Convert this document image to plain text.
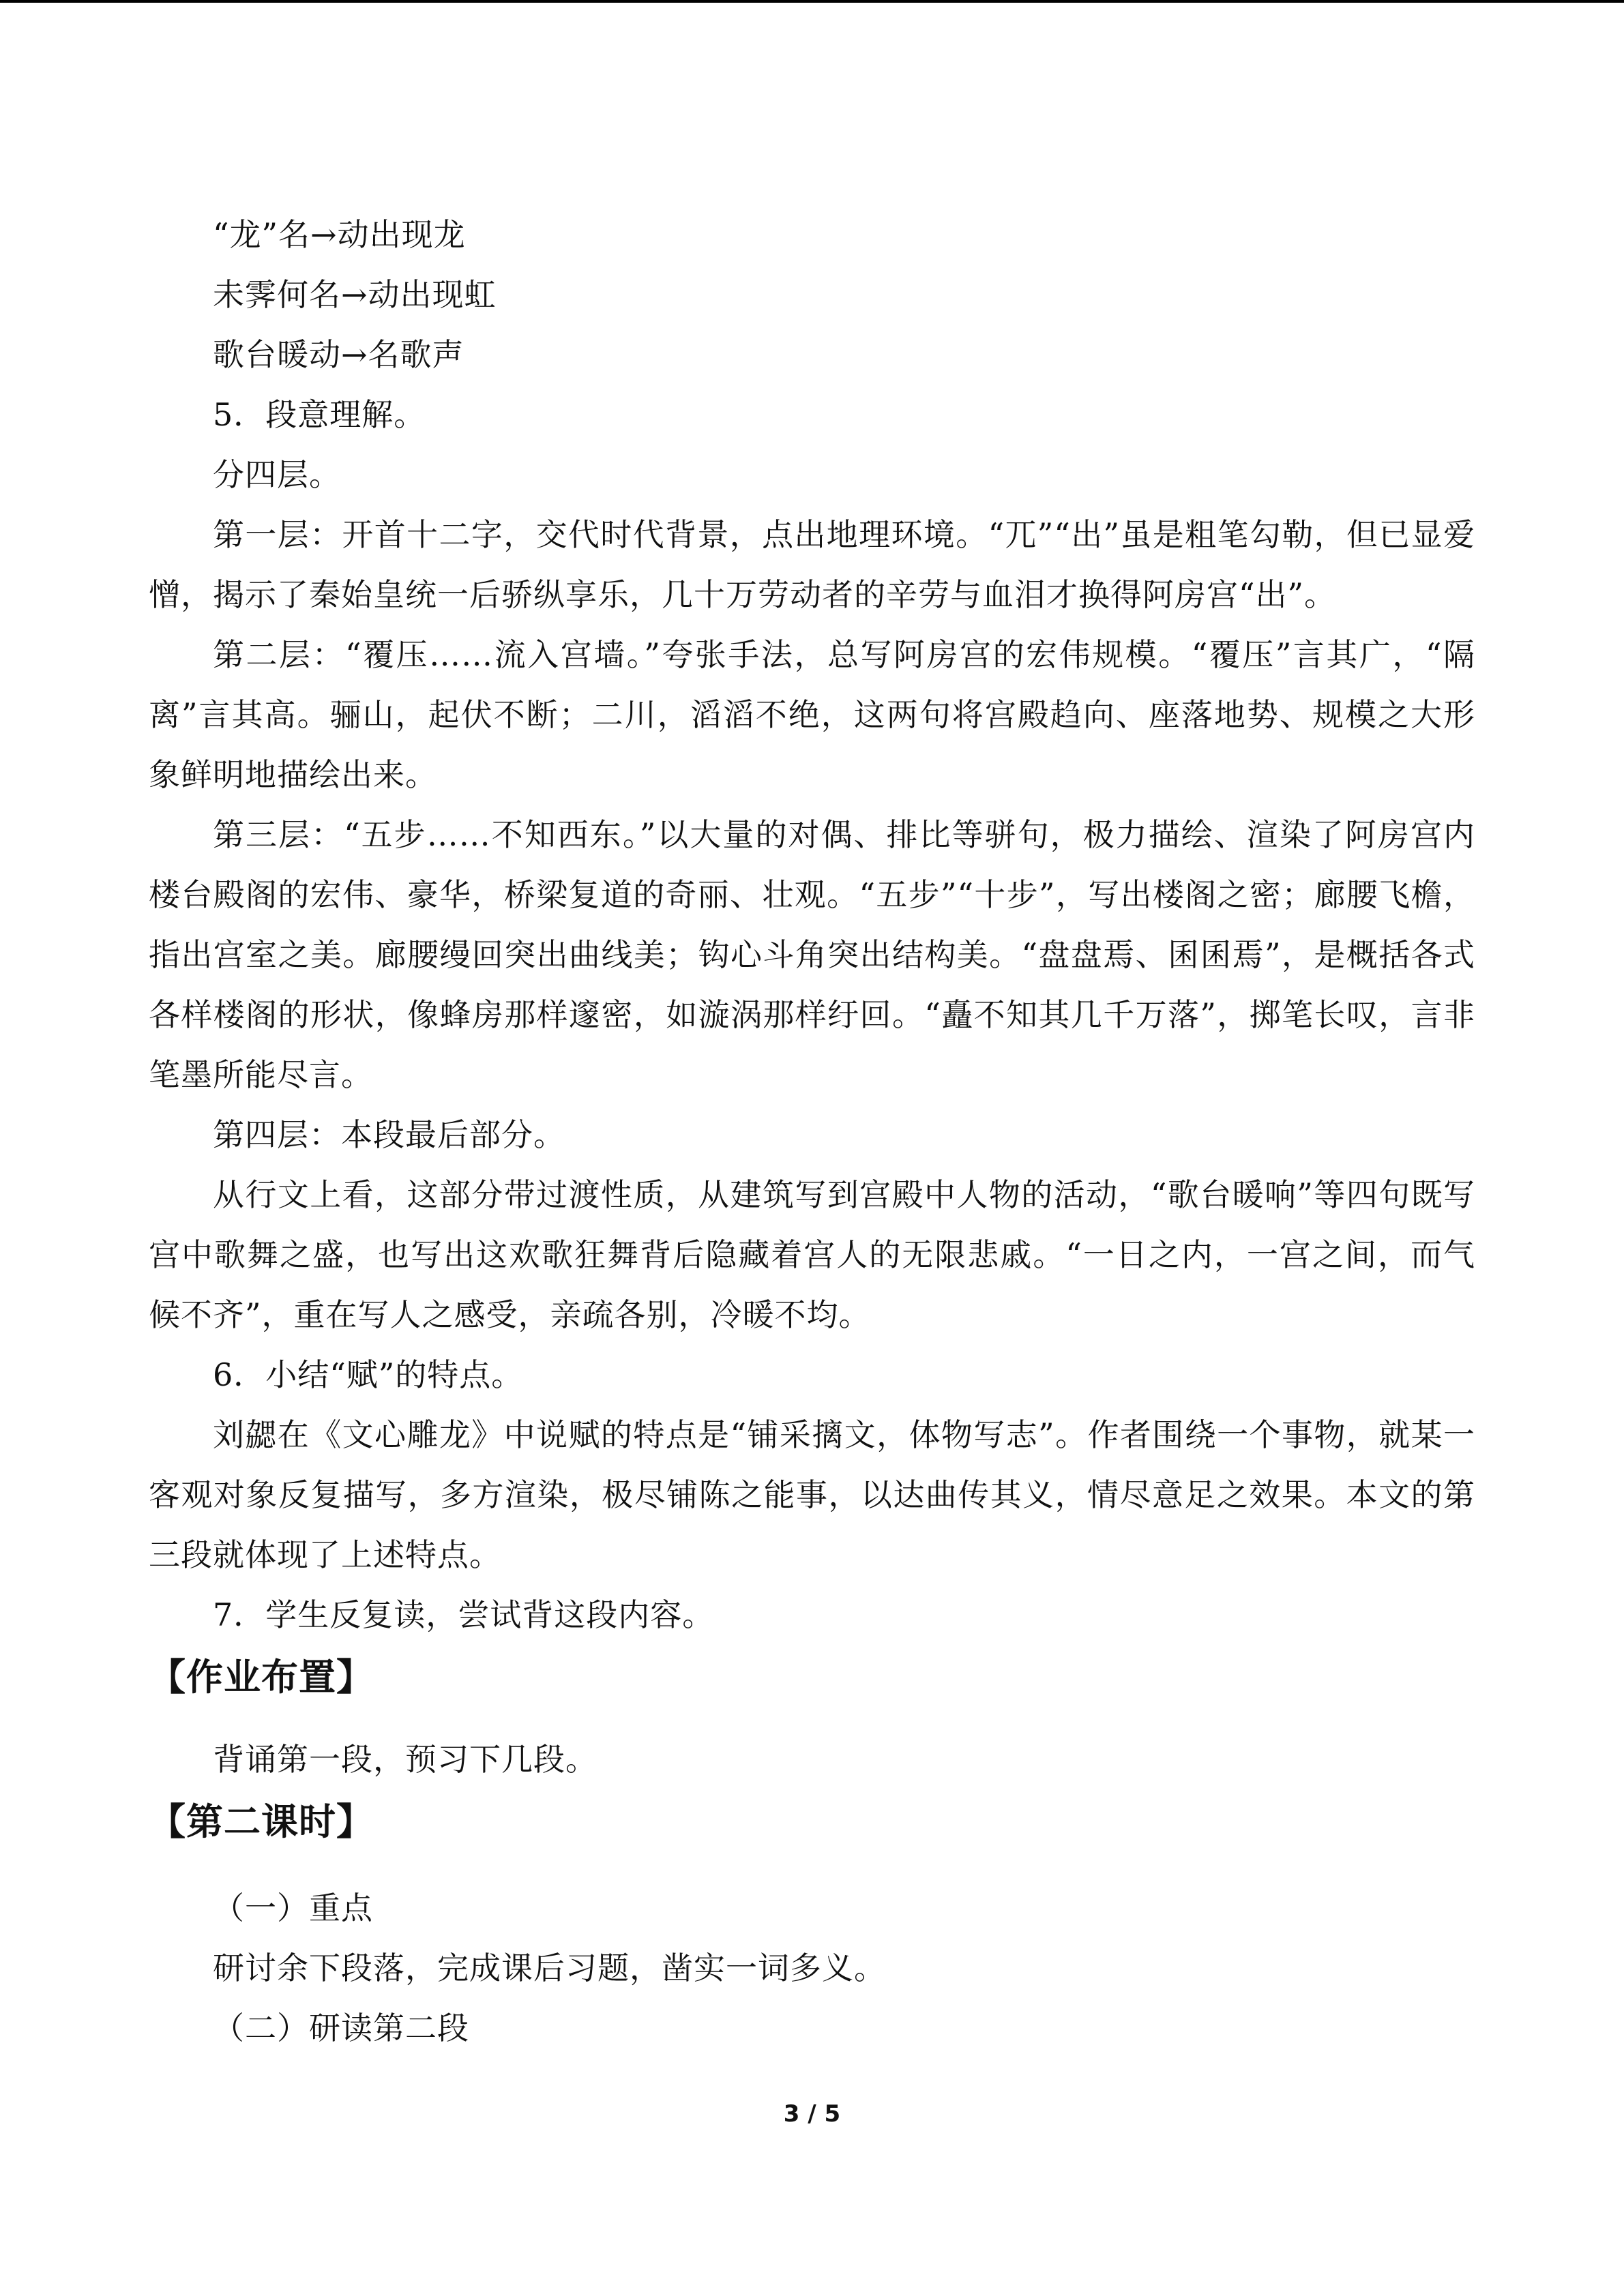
“龙”名→动出现龙

未霁何名→动出现虹

歌台暖动→名歌声

5．段意理解。

分四层。

第一层：开首十二字，交代时代背景，点出地理环境。“兀”“出”虽是粗笔勾勒，但已显爱憎，揭示了秦始皇统一后骄纵享乐，几十万劳动者的辛劳与血泪才换得阿房宫“出”。

第二层：“覆压……流入宫墙。”夸张手法，总写阿房宫的宏伟规模。“覆压”言其广，“隔离”言其高。骊山，起伏不断；二川，滔滔不绝，这两句将宫殿趋向、座落地势、规模之大形象鲜明地描绘出来。

第三层：“五步……不知西东。”以大量的对偶、排比等骈句，极力描绘、渲染了阿房宫内楼台殿阁的宏伟、豪华，桥梁复道的奇丽、壮观。“五步”“十步”，写出楼阁之密；廊腰飞檐，指出宫室之美。廊腰缦回突出曲线美；钩心斗角突出结构美。“盘盘焉、囷囷焉”，是概括各式各样楼阁的形状，像蜂房那样邃密，如漩涡那样纡回。“矗不知其几千万落”，掷笔长叹，言非笔墨所能尽言。

第四层：本段最后部分。

从行文上看，这部分带过渡性质，从建筑写到宫殿中人物的活动，“歌台暖响”等四句既写宫中歌舞之盛，也写出这欢歌狂舞背后隐藏着宫人的无限悲戚。“一日之内，一宫之间，而气候不齐”，重在写人之感受，亲疏各别，冷暖不均。

6．小结“赋”的特点。

刘勰在《文心雕龙》中说赋的特点是“铺采摛文，体物写志”。作者围绕一个事物，就某一客观对象反复描写，多方渲染，极尽铺陈之能事，以达曲传其义，情尽意足之效果。本文的第三段就体现了上述特点。

7．学生反复读，尝试背这段内容。

【作业布置】

背诵第一段，预习下几段。

【第二课时】

（一）重点

研讨余下段落，完成课后习题，凿实一词多义。

（二）研读第二段

3 / 5
